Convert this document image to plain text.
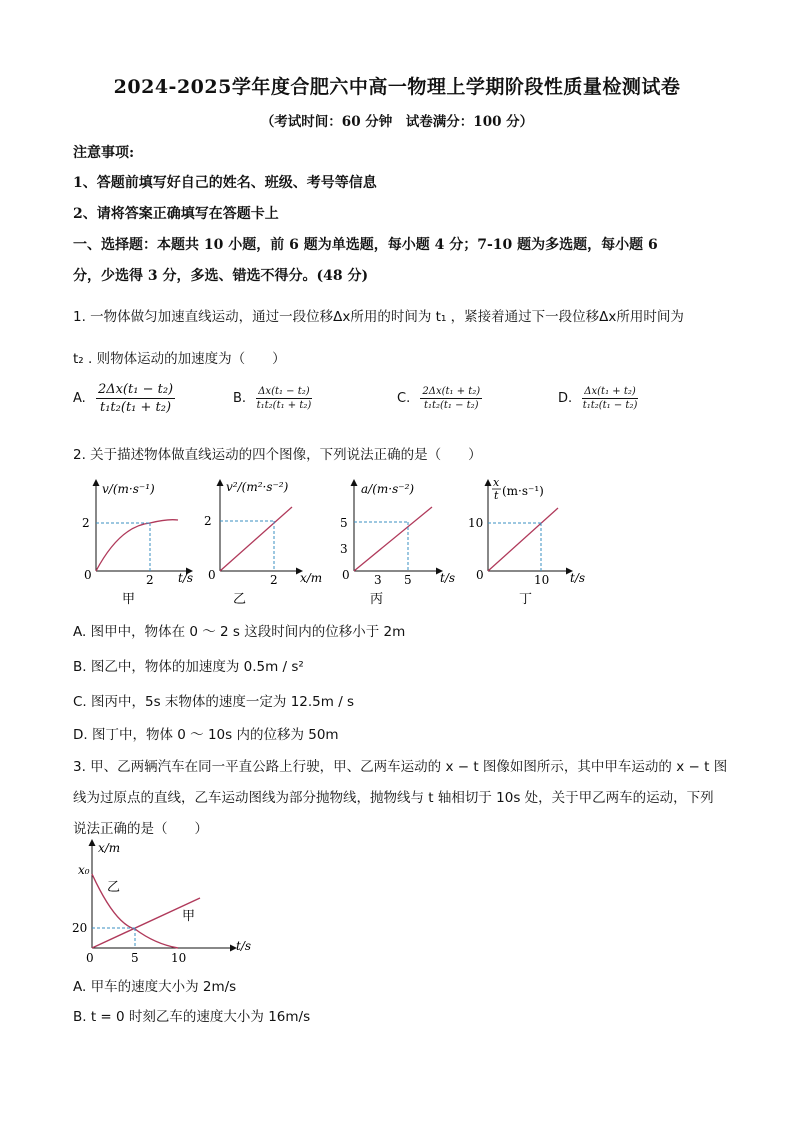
2024-2025学年度合肥六中高一物理上学期阶段性质量检测试卷
（考试时间：60 分钟　试卷满分：100 分）
注意事项:
1、答题前填写好自己的姓名、班级、考号等信息
2、请将答案正确填写在答题卡上
一、选择题：本题共 10 小题，前 6 题为单选题，每小题 4 分；7-10 题为多选题，每小题 6
分，少选得 3 分，多选、错选不得分。(48 分)
1. 一物体做匀加速直线运动，通过一段位移Δx所用的时间为 t₁ ，紧接着通过下一段位移Δx所用时间为
t₂ . 则物体运动的加速度为（　　）
A. $\frac{\text{2Δx(t₁ − t₂)}}{\text{t₁t₂(t₁ + t₂)}}$	B. $\frac{\text{Δx(t₁ − t₂)}}{\text{t₁t₂(t₁ + t₂)}}$	C. $\frac{\text{2Δx(t₁ + t₂)}}{\text{t₁t₂(t₁ − t₂)}}$	D. $\frac{\text{Δx(t₁ + t₂)}}{\text{t₁t₂(t₁ − t₂)}}$
2. 关于描述物体做直线运动的四个图像，下列说法正确的是（　　）
v/(m·s⁻¹)
t/s
2
2
0
甲
v²/(m²·s⁻²)
x/m
2
2
0
乙
a/(m·s⁻²)
t/s
5
3
3 5
0
丙
x
t (m·s⁻¹)
t/s
10
10
0
丁
A. 图甲中，物体在 0 ～ 2 s 这段时间内的位移小于 2m
B. 图乙中，物体的加速度为 0.5m / s²
C. 图丙中，5s 末物体的速度一定为 12.5m / s
D. 图丁中，物体 0 ～ 10s 内的位移为 50m
3. 甲、乙两辆汽车在同一平直公路上行驶，甲、乙两车运动的 x − t 图像如图所示，其中甲车运动的 x − t 图
线为过原点的直线，乙车运动图线为部分抛物线，抛物线与 t 轴相切于 10s 处，关于甲乙两车的运动，下列
说法正确的是（　　）
x/m
t/s
x₀
20
5	10
0
乙
甲
A. 甲车的速度大小为 2m/s
B. t = 0 时刻乙车的速度大小为 16m/s
